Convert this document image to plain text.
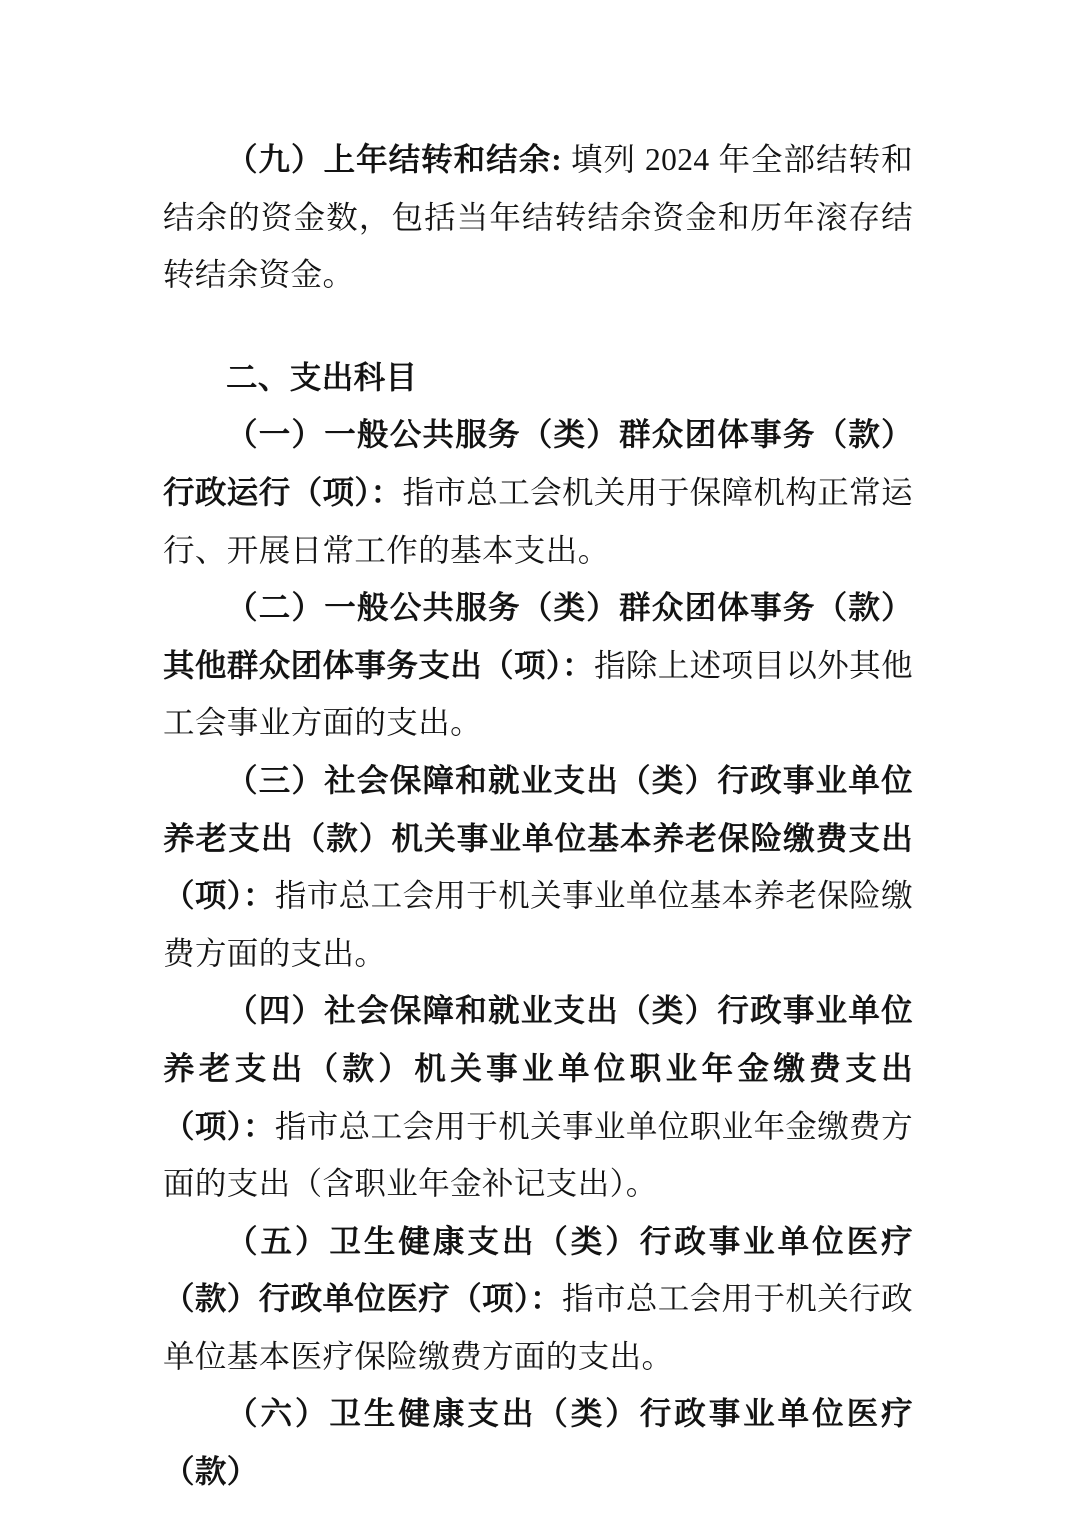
（九）上年结转和结余: 填列 2024 年全部结转和结余的资金数，包括当年结转结余资金和历年滚存结转结余资金。

二、支出科目

（一）一般公共服务（类）群众团体事务（款）行政运行（项）：指市总工会机关用于保障机构正常运行、开展日常工作的基本支出。

（二）一般公共服务（类）群众团体事务（款）其他群众团体事务支出（项）：指除上述项目以外其他工会事业方面的支出。

（三）社会保障和就业支出（类）行政事业单位养老支出（款）机关事业单位基本养老保险缴费支出（项）：指市总工会用于机关事业单位基本养老保险缴费方面的支出。

（四）社会保障和就业支出（类）行政事业单位养老支出（款）机关事业单位职业年金缴费支出（项）：指市总工会用于机关事业单位职业年金缴费方面的支出（含职业年金补记支出）。

（五）卫生健康支出（类）行政事业单位医疗（款）行政单位医疗（项）：指市总工会用于机关行政单位基本医疗保险缴费方面的支出。

（六）卫生健康支出（类）行政事业单位医疗（款）
